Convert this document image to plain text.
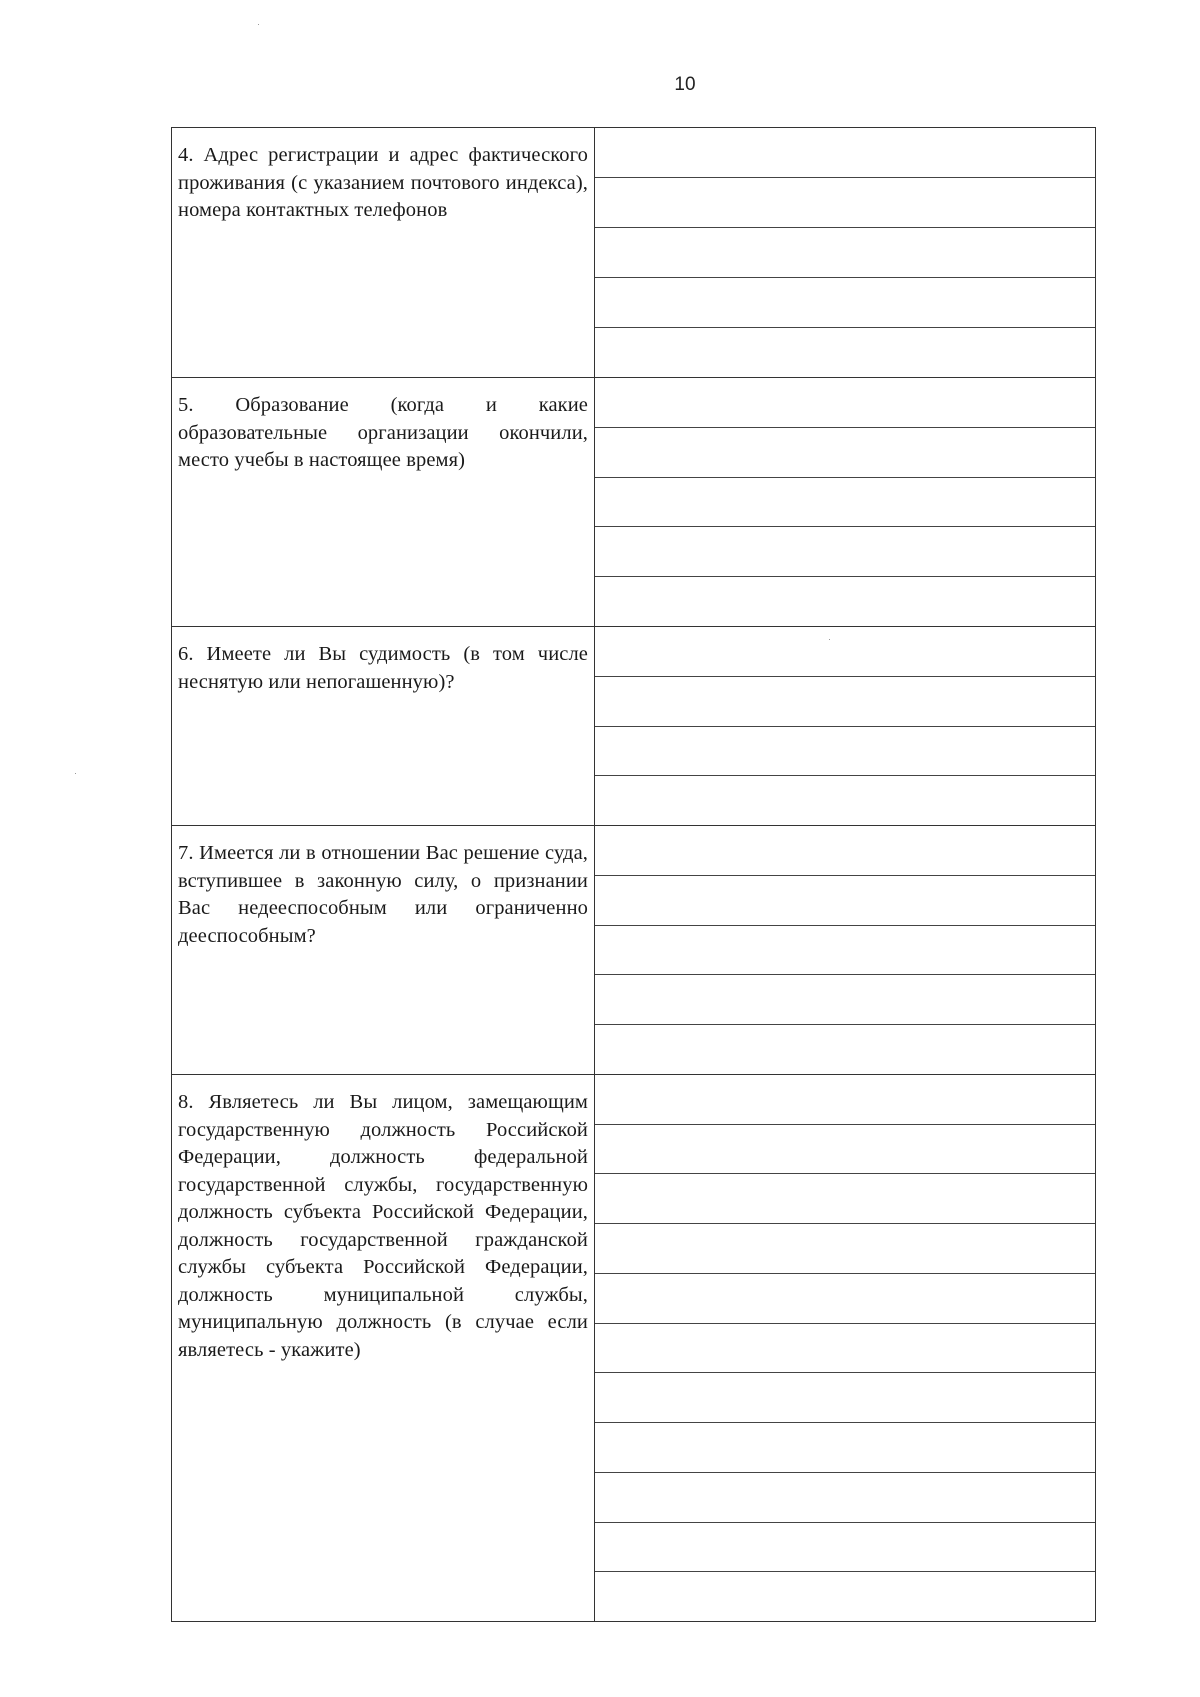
10
4. Адрес регистрации и адрес фактического проживания (с указанием почтового индекса), номера контактных телефонов
5. Образование (когда и какие образовательные организации окончили, место учебы в настоящее время)
6. Имеете ли Вы судимость (в том числе неснятую или непогашенную)?
7. Имеется ли в отношении Вас решение суда, вступившее в законную силу, о признании Вас недееспособным или ограниченно дееспособным?
8. Являетесь ли Вы лицом, замещающим государственную должность Российской Федерации, должность федеральной государственной службы, государственную должность субъекта Российской Федерации, должность государственной гражданской службы субъекта Российской Федерации, должность муниципальной службы, муниципальную должность (в случае если являетесь - укажите)
